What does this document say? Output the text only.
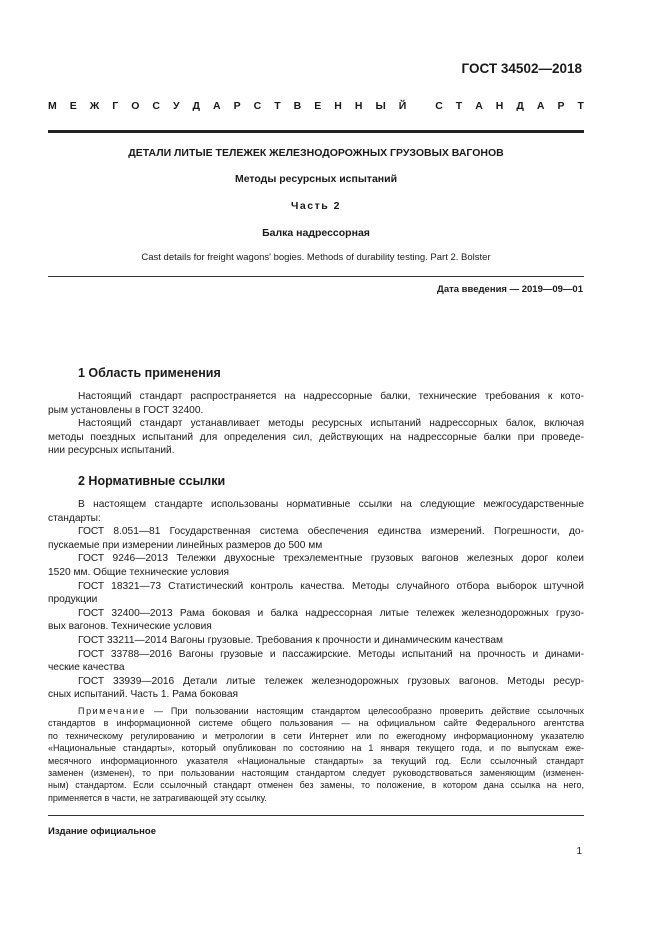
ГОСТ 34502—2018
М Е Ж Г О С У Д А Р С Т В Е Н Н Ы Й
	С Т А Н Д А Р Т
ДЕТАЛИ ЛИТЫЕ ТЕЛЕЖЕК ЖЕЛЕЗНОДОРОЖНЫХ ГРУЗОВЫХ ВАГОНОВ
Методы ресурсных испытаний
Часть 2
Балка надрессорная
Cast details for freight wagons' bogies. Methods of durability testing. Part 2. Bolster
Дата введения — 2019—09—01
1 Область применения
Настоящий стандарт распространяется на надрессорные балки, технические требования к кото-
рым установлены в ГОСТ 32400.
Настоящий стандарт устанавливает методы ресурсных испытаний надрессорных балок, включая
методы поездных испытаний для определения сил, действующих на надрессорные балки при проведе-
нии ресурсных испытаний.
2 Нормативные ссылки
В настоящем стандарте использованы нормативные ссылки на следующие межгосударственные
стандарты:
ГОСТ 8.051—81 Государственная система обеспечения единства измерений. Погрешности, до-
пускаемые при измерении линейных размеров до 500 мм
ГОСТ 9246—2013 Тележки двухосные трехэлементные грузовых вагонов железных дорог колеи
1520 мм. Общие технические условия
ГОСТ 18321—73 Статистический контроль качества. Методы случайного отбора выборок штучной
продукции
ГОСТ 32400—2013 Рама боковая и балка надрессорная литые тележек железнодорожных грузо-
вых вагонов. Технические условия
ГОСТ 33211—2014 Вагоны грузовые. Требования к прочности и динамическим качествам
ГОСТ 33788—2016 Вагоны грузовые и пассажирские. Методы испытаний на прочность и динами-
ческие качества
ГОСТ 33939—2016 Детали литые тележек железнодорожных грузовых вагонов. Методы ресур-
сных испытаний. Часть 1. Рама боковая
Примечание — При пользовании настоящим стандартом целесообразно проверить действие ссылочных
стандартов в информационной системе общего пользования — на официальном сайте Федерального агентства
по техническому регулированию и метрологии в сети Интернет или по ежегодному информационному указателю
«Национальные стандарты», который опубликован по состоянию на 1 января текущего года, и по выпускам еже-
месячного информационного указателя «Национальные стандарты» за текущий год. Если ссылочный стандарт
заменен (изменен), то при пользовании настоящим стандартом следует руководствоваться заменяющим (изменен-
ным) стандартом. Если ссылочный стандарт отменен без замены, то положение, в котором дана ссылка на него,
применяется в части, не затрагивающей эту ссылку.
Издание официальное
1
